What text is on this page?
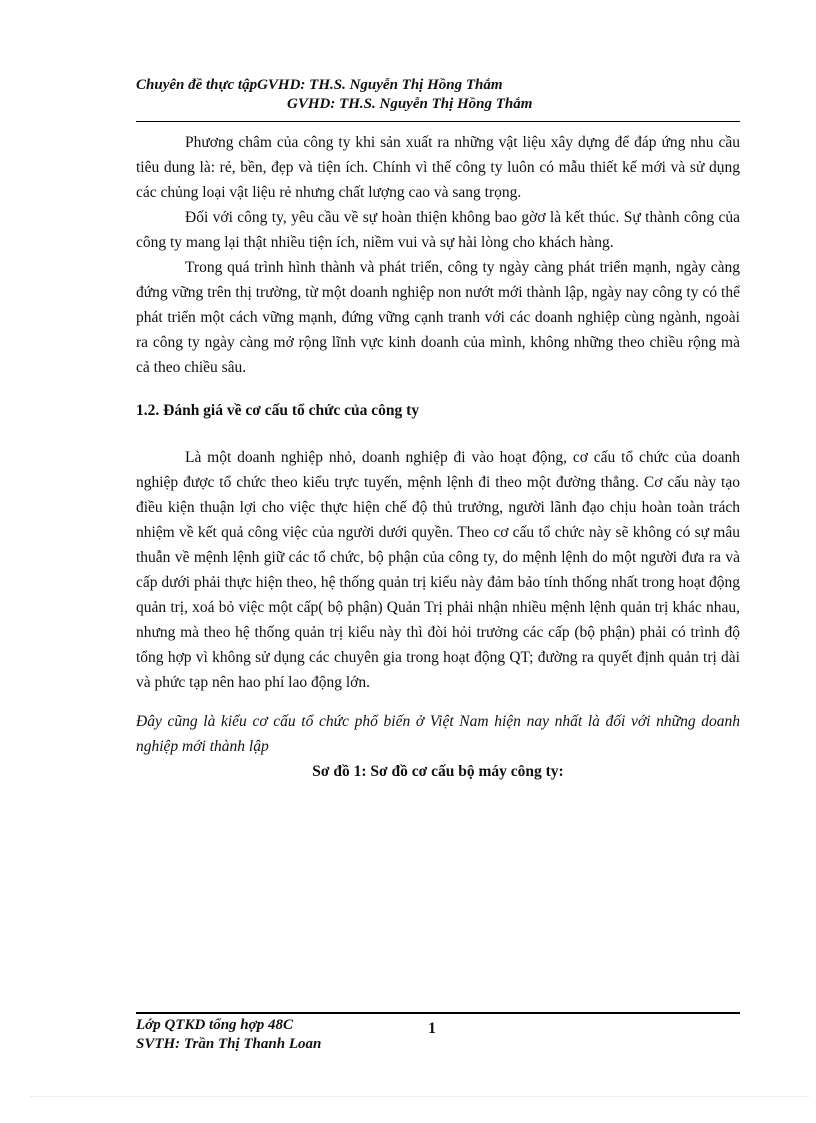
Chuyên đề thực tậpGVHD: TH.S. Nguyễn Thị Hồng Thắm
GVHD: TH.S. Nguyễn Thị Hồng Thắm

Phương châm của công ty khi sản xuất ra những vật liệu xây dựng để đáp ứng nhu cầu tiêu dung là: rẻ, bền, đẹp và tiện ích. Chính vì thế công ty luôn có mẫu thiết kế mới và sử dụng các chủng loại vật liệu rẻ nhưng chất lượng cao và sang trọng.

Đối với công ty, yêu cầu về sự hoàn thiện không bao gờơ là kết thúc. Sự thành công của công ty mang lại thật nhiều tiện ích, niềm vui và sự hài lòng cho khách hàng.

Trong quá trình hình thành và phát triển, công ty ngày càng phát triển mạnh, ngày càng đứng vững trên thị trường, từ một doanh nghiệp non nướt mới thành lập, ngày nay công ty có thể phát triển một cách vững mạnh, đứng vững cạnh tranh với các doanh nghiệp cùng ngành, ngoài ra công ty ngày càng mở rộng lĩnh vực kinh doanh của mình, không những theo chiều rộng mà cả theo chiều sâu.

1.2. Đánh giá về cơ cấu tổ chức của công ty

Là một doanh nghiệp nhỏ, doanh nghiệp đi vào hoạt động, cơ cấu tổ chức của doanh nghiệp được tổ chức theo kiểu trực tuyến, mệnh lệnh đi theo một đường thẳng. Cơ cấu này tạo điều kiện thuận lợi cho việc thực hiện chế độ thủ trưởng, người lãnh đạo chịu hoàn toàn trách nhiệm về kết quả công việc của người dưới quyền. Theo cơ cấu tổ chức này sẽ không có sự mâu thuẫn về mệnh lệnh giữ các tổ chức, bộ phận của công ty, do mệnh lệnh do một người đưa ra và cấp dưới phải thực hiện theo, hệ thống quản trị kiểu này đảm bảo tính thống nhất trong hoạt động quản trị, xoá bỏ việc một cấp( bộ phận) Quản Trị phải nhận nhiều mệnh lệnh quản trị khác nhau, nhưng mà theo hệ thống quản trị kiểu này thì đòi hỏi trưởng các cấp (bộ phận) phải có trình độ tổng hợp vì không sử dụng các chuyên gia trong hoạt động QT; đường ra quyết định quản trị dài và phức tạp nên hao phí lao động lớn.

Đây cũng là kiểu cơ cấu tổ chức phổ biến ở Việt Nam hiện nay nhất là đối với những doanh nghiệp mới thành lập

Sơ đồ 1: Sơ đồ cơ cấu bộ máy công ty:
Lớp QTKD tổng hợp 48C
SVTH: Trần Thị Thanh Loan
1
